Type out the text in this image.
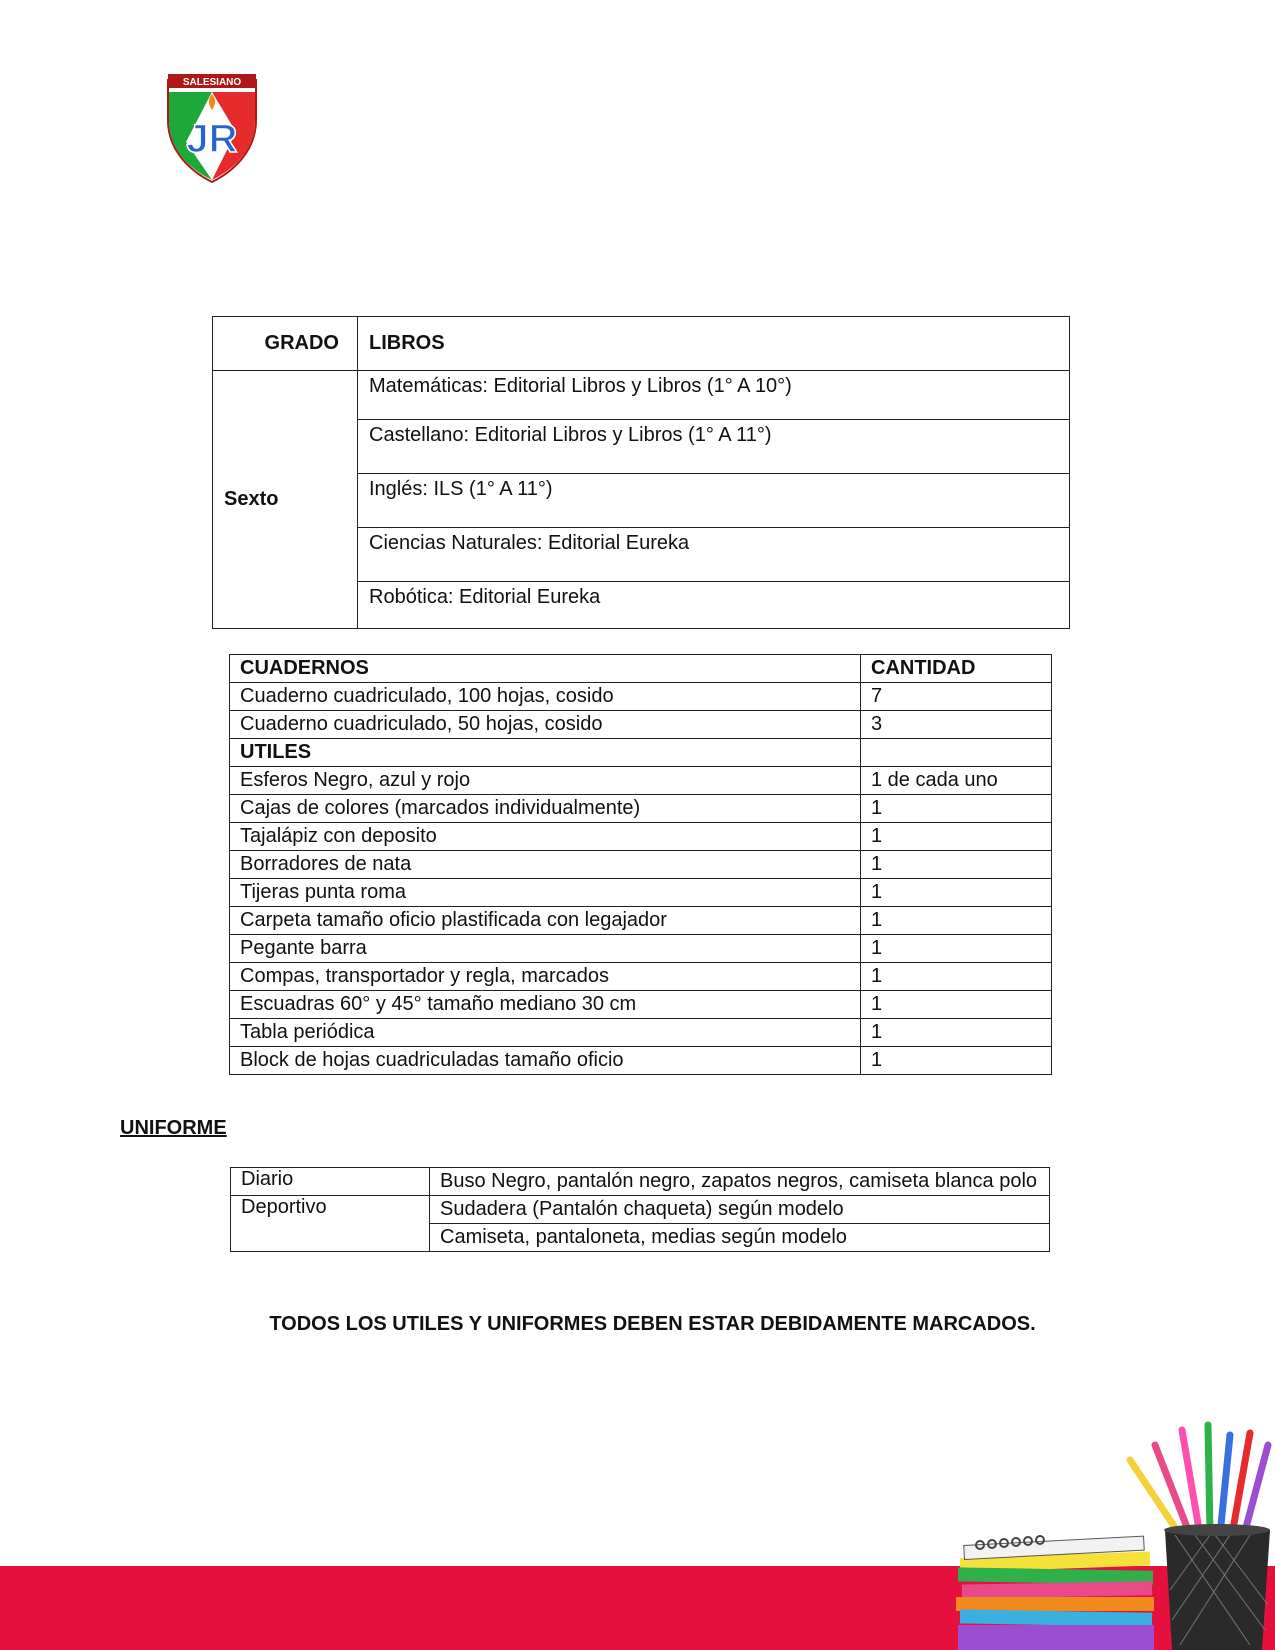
SALESIANO
JR
GRADO	LIBROS
Sexto	Matemáticas: Editorial Libros y Libros (1° A 10°)
	Castellano: Editorial Libros y Libros (1° A 11°)
	Inglés: ILS (1° A 11°)
	Ciencias Naturales: Editorial Eureka
	Robótica: Editorial Eureka
CUADERNOS	CANTIDAD
Cuaderno cuadriculado, 100 hojas, cosido	7
Cuaderno cuadriculado, 50 hojas, cosido	3
UTILES	
Esferos Negro, azul y rojo	1 de cada uno
Cajas de colores (marcados individualmente)	1
Tajalápiz con deposito	1
Borradores de nata	1
Tijeras punta roma	1
Carpeta tamaño oficio plastificada con legajador	1
Pegante barra	1
Compas, transportador y regla, marcados	1
Escuadras 60° y 45° tamaño mediano 30 cm	1
Tabla periódica	1
Block de hojas cuadriculadas tamaño oficio	1
UNIFORME
Diario	Buso Negro, pantalón negro, zapatos negros, camiseta blanca polo
Deportivo	Sudadera (Pantalón chaqueta) según modelo
	Camiseta, pantaloneta, medias según modelo
TODOS LOS UTILES Y UNIFORMES DEBEN ESTAR DEBIDAMENTE MARCADOS.
